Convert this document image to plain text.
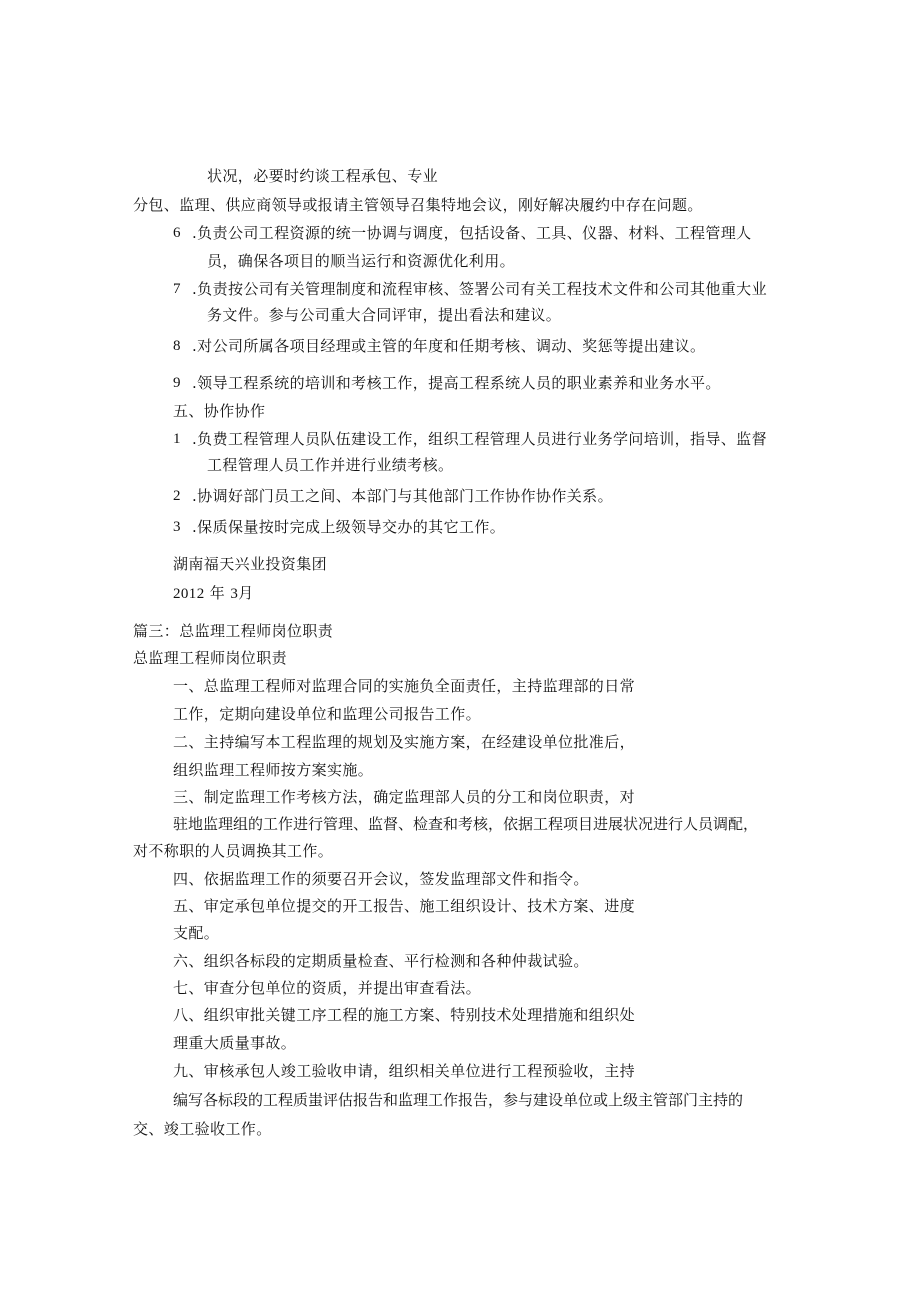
状况，必要时约谈工程承包、专业
分包、监理、供应商领导或报请主管领导召集特地会议，刚好解决履约中存在问题。
6 .负责公司工程资源的统一协调与调度，包括设备、工具、仪器、材料、工程管理人
员，确保各项目的顺当运行和资源优化利用。
7 .负责按公司有关管理制度和流程审核、签署公司有关工程技术文件和公司其他重大业
务文件。参与公司重大合同评审，提出看法和建议。
8 .对公司所属各项目经理或主管的年度和任期考核、调动、奖惩等提出建议。
9 .领导工程系统的培训和考核工作，提高工程系统人员的职业素养和业务水平。
五、协作协作
1 .负费工程管理人员队伍建设工作，组织工程管理人员进行业务学问培训，指导、监督
工程管理人员工作并进行业绩考核。
2 .协调好部门员工之间、本部门与其他部门工作协作协作关系。
3 .保质保量按时完成上级领导交办的其它工作。
湖南福天兴业投资集团
2012 年 3月
篇三：总监理工程师岗位职责
总监理工程师岗位职责
一、总监理工程师对监理合同的实施负全面责任，主持监理部的日常
工作，定期向建设单位和监理公司报告工作。
二、主持编写本工程监理的规划及实施方案，在经建设单位批准后，
组织监理工程师按方案实施。
三、制定监理工作考核方法，确定监理部人员的分工和岗位职责，对
驻地监理组的工作进行管理、监督、检查和考核，依据工程项目进展状况进行人员调配，
对不称职的人员调换其工作。
四、依据监理工作的须要召开会议，签发监理部文件和指令。
五、审定承包单位提交的开工报告、施工组织设计、技术方案、进度
支配。
六、组织各标段的定期质量检查、平行检测和各种仲裁试验。
七、审查分包单位的资质，并提出审查看法。
八、组织审批关键工序工程的施工方案、特别技术处理措施和组织处
理重大质量事故。
九、审核承包人竣工验收申请，组织相关单位进行工程预验收，主持
编写各标段的工程质蚩评估报告和监理工作报告，参与建设单位或上级主管部门主持的
交、竣工验收工作。
